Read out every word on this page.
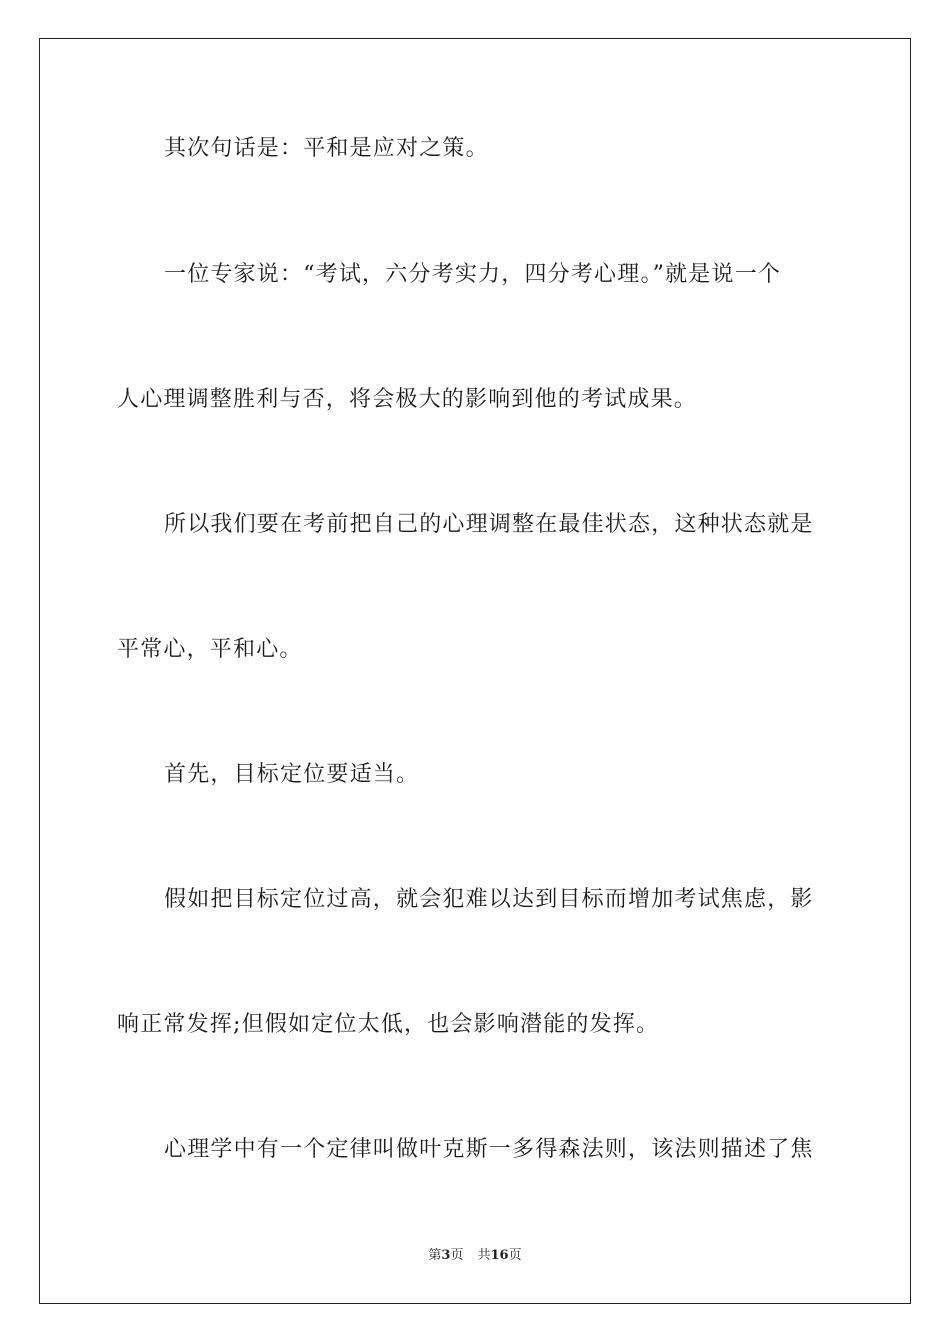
其次句话是：平和是应对之策。
一位专家说：“考试，六分考实力，四分考心理。”就是说一个
人心理调整胜利与否，将会极大的影响到他的考试成果。
所以我们要在考前把自己的心理调整在最佳状态，这种状态就是
平常心，平和心。
首先，目标定位要适当。
假如把目标定位过高，就会犯难以达到目标而增加考试焦虑，影
响正常发挥;但假如定位太低，也会影响潜能的发挥。
心理学中有一个定律叫做叶克斯一多得森法则，该法则描述了焦
第3页 共16页
